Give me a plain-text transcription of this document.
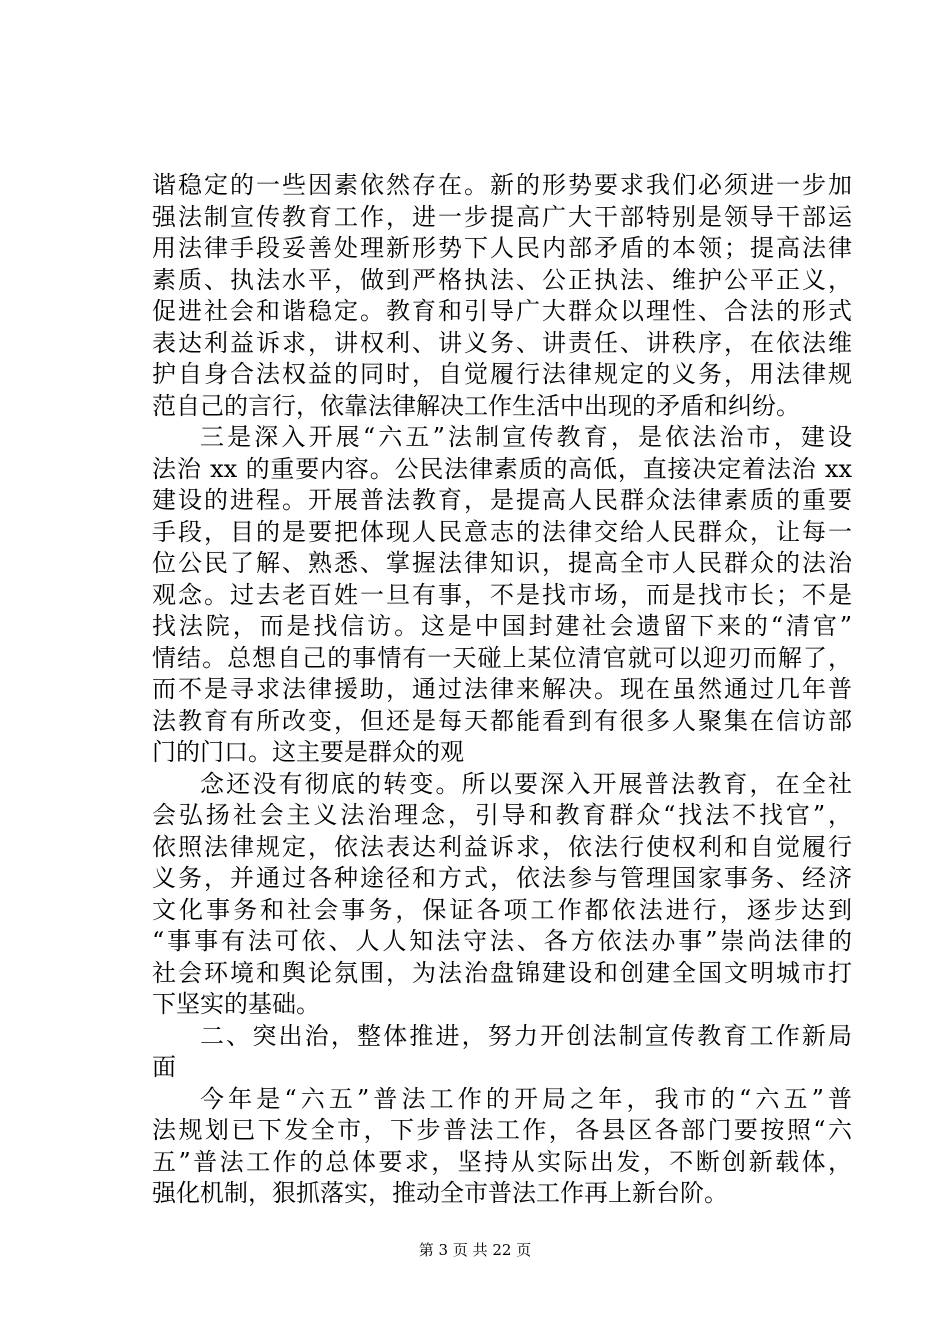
谐稳定的一些因素依然存在。新的形势要求我们必须进一步加
强法制宣传教育工作，进一步提高广大干部特别是领导干部运
用法律手段妥善处理新形势下人民内部矛盾的本领；提高法律
素质、执法水平，做到严格执法、公正执法、维护公平正义，
促进社会和谐稳定。教育和引导广大群众以理性、合法的形式
表达利益诉求，讲权利、讲义务、讲责任、讲秩序，在依法维
护自身合法权益的同时，自觉履行法律规定的义务，用法律规
范自己的言行，依靠法律解决工作生活中出现的矛盾和纠纷。
三是深入开展“六五”法制宣传教育，是依法治市，建设
法治 xx 的重要内容。公民法律素质的高低，直接决定着法治 xx
建设的进程。开展普法教育，是提高人民群众法律素质的重要
手段，目的是要把体现人民意志的法律交给人民群众，让每一
位公民了解、熟悉、掌握法律知识，提高全市人民群众的法治
观念。过去老百姓一旦有事，不是找市场，而是找市长；不是
找法院，而是找信访。这是中国封建社会遗留下来的“清官”
情结。总想自己的事情有一天碰上某位清官就可以迎刃而解了，
而不是寻求法律援助，通过法律来解决。现在虽然通过几年普
法教育有所改变，但还是每天都能看到有很多人聚集在信访部
门的门口。这主要是群众的观
念还没有彻底的转变。所以要深入开展普法教育，在全社
会弘扬社会主义法治理念，引导和教育群众“找法不找官”，
依照法律规定，依法表达利益诉求，依法行使权利和自觉履行
义务，并通过各种途径和方式，依法参与管理国家事务、经济
文化事务和社会事务，保证各项工作都依法进行，逐步达到
“事事有法可依、人人知法守法、各方依法办事”崇尚法律的
社会环境和舆论氛围，为法治盘锦建设和创建全国文明城市打
下坚实的基础。
二、突出治，整体推进，努力开创法制宣传教育工作新局
面
今年是“六五”普法工作的开局之年，我市的“六五”普
法规划已下发全市，下步普法工作，各县区各部门要按照“六
五”普法工作的总体要求，坚持从实际出发，不断创新载体，
强化机制，狠抓落实，推动全市普法工作再上新台阶。
第 3 页 共 22 页
